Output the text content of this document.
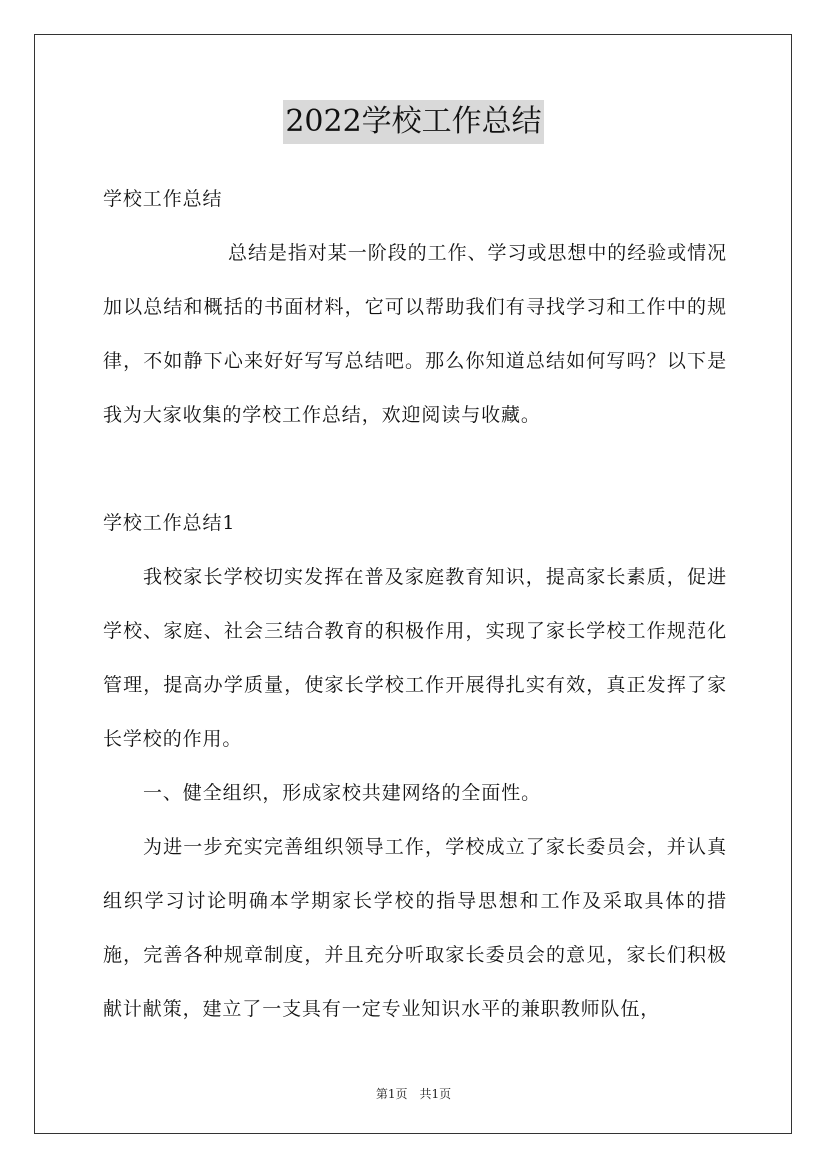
2022学校工作总结

学校工作总结

总结是指对某一阶段的工作、学习或思想中的经验或情况加以总结和概括的书面材料，它可以帮助我们有寻找学习和工作中的规律，不如静下心来好好写写总结吧。那么你知道总结如何写吗？以下是我为大家收集的学校工作总结，欢迎阅读与收藏。

学校工作总结1

我校家长学校切实发挥在普及家庭教育知识，提高家长素质，促进学校、家庭、社会三结合教育的积极作用，实现了家长学校工作规范化管理，提高办学质量，使家长学校工作开展得扎实有效，真正发挥了家长学校的作用。

一、健全组织，形成家校共建网络的全面性。

为进一步充实完善组织领导工作，学校成立了家长委员会，并认真组织学习讨论明确本学期家长学校的指导思想和工作及采取具体的措施，完善各种规章制度，并且充分听取家长委员会的意见，家长们积极献计献策，建立了一支具有一定专业知识水平的兼职教师队伍，

第1页　共1页
